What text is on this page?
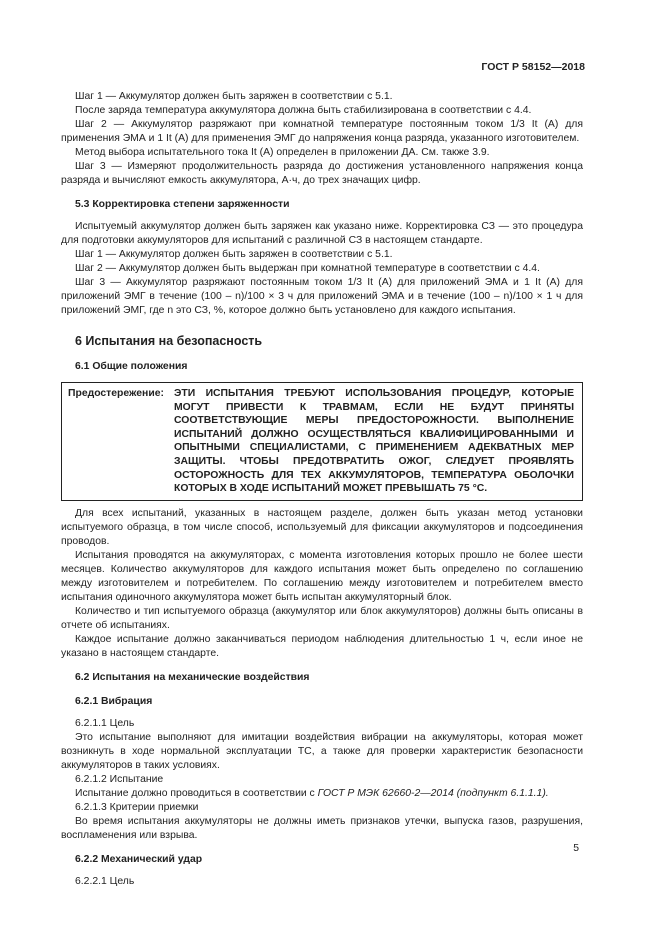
ГОСТ Р 58152—2018

Шаг 1 — Аккумулятор должен быть заряжен в соответствии с 5.1.

После заряда температура аккумулятора должна быть стабилизирована в соответствии с 4.4.

Шаг 2 — Аккумулятор разряжают при комнатной температуре постоянным током 1/3 It (А) для применения ЭМА и 1 It (А) для применения ЭМГ до напряжения конца разряда, указанного изготовителем.

Метод выбора испытательного тока It (А) определен в приложении ДА. См. также 3.9.

Шаг 3 — Измеряют продолжительность разряда до достижения установленного напряжения конца разряда и вычисляют емкость аккумулятора, А·ч, до трех значащих цифр.

5.3 Корректировка степени заряженности

Испытуемый аккумулятор должен быть заряжен как указано ниже. Корректировка СЗ — это процедура для подготовки аккумуляторов для испытаний с различной СЗ в настоящем стандарте.

Шаг 1 — Аккумулятор должен быть заряжен в соответствии с 5.1.

Шаг 2 — Аккумулятор должен быть выдержан при комнатной температуре в соответствии с 4.4.

Шаг 3 — Аккумулятор разряжают постоянным током 1/3 It (А) для приложений ЭМА и 1 It (А) для приложений ЭМГ в течение (100 – n)/100 × 3 ч для приложений ЭМА и в течение (100 – n)/100 × 1 ч для приложений ЭМГ, где n это СЗ, %, которое должно быть установлено для каждого испытания.

6 Испытания на безопасность
6.1 Общие положения
Предостережение: ЭТИ ИСПЫТАНИЯ ТРЕБУЮТ ИСПОЛЬЗОВАНИЯ ПРОЦЕДУР, КОТОРЫЕ МОГУТ ПРИВЕСТИ К ТРАВМАМ, ЕСЛИ НЕ БУДУТ ПРИНЯТЫ СООТВЕТСТВУЮЩИЕ МЕРЫ ПРЕДОСТОРОЖНОСТИ. ВЫПОЛНЕНИЕ ИСПЫТАНИЙ ДОЛЖНО ОСУЩЕСТВЛЯТЬСЯ КВАЛИФИЦИРОВАННЫМИ И ОПЫТНЫМИ СПЕЦИАЛИСТАМИ, С ПРИМЕНЕНИЕМ АДЕКВАТНЫХ МЕР ЗАЩИТЫ. ЧТОБЫ ПРЕДОТВРАТИТЬ ОЖОГ, СЛЕДУЕТ ПРОЯВЛЯТЬ ОСТОРОЖНОСТЬ ДЛЯ ТЕХ АККУМУЛЯТОРОВ, ТЕМПЕРАТУРА ОБОЛОЧКИ КОТОРЫХ В ХОДЕ ИСПЫТАНИЙ МОЖЕТ ПРЕВЫШАТЬ 75 °С.

Для всех испытаний, указанных в настоящем разделе, должен быть указан метод установки испытуемого образца, в том числе способ, используемый для фиксации аккумуляторов и подсоединения проводов.

Испытания проводятся на аккумуляторах, с момента изготовления которых прошло не более шести месяцев. Количество аккумуляторов для каждого испытания может быть определено по соглашению между изготовителем и потребителем. По соглашению между изготовителем и потребителем вместо испытания одиночного аккумулятора может быть испытан аккумуляторный блок.

Количество и тип испытуемого образца (аккумулятор или блок аккумуляторов) должны быть описаны в отчете об испытаниях.

Каждое испытание должно заканчиваться периодом наблюдения длительностью 1 ч, если иное не указано в настоящем стандарте.

6.2 Испытания на механические воздействия
6.2.1 Вибрация

6.2.1.1 Цель

Это испытание выполняют для имитации воздействия вибрации на аккумуляторы, которая может возникнуть в ходе нормальной эксплуатации ТС, а также для проверки характеристик безопасности аккумуляторов в таких условиях.

6.2.1.2 Испытание

Испытание должно проводиться в соответствии с ГОСТ Р МЭК 62660-2—2014 (подпункт 6.1.1.1).

6.2.1.3 Критерии приемки

Во время испытания аккумуляторы не должны иметь признаков утечки, выпуска газов, разрушения, воспламенения или взрыва.

6.2.2 Механический удар

6.2.2.1 Цель

5
